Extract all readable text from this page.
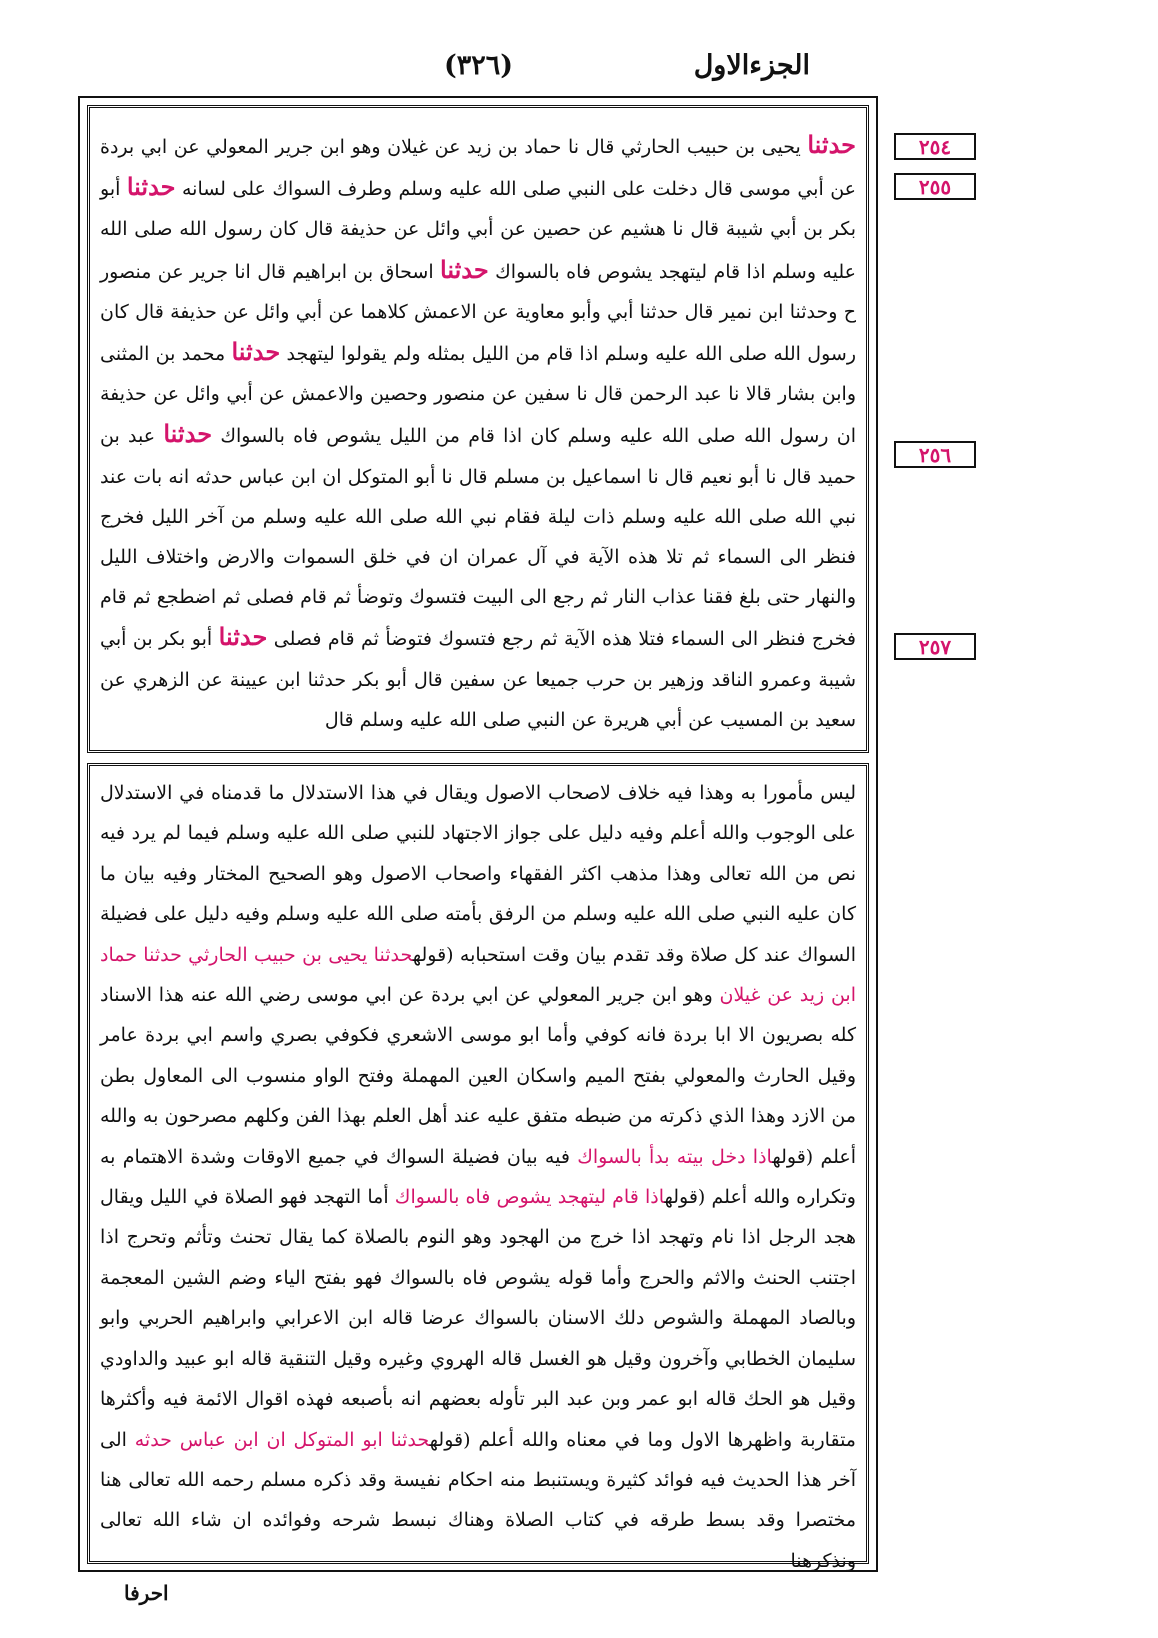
الجزءالاول
(٣٢٦)
حدثنا يحيى بن حبيب الحارثي قال نا حماد بن زيد عن غيلان وهو ابن جرير المعولي عن ابي بردة عن أبي موسى قال دخلت على النبي صلى الله عليه وسلم وطرف السواك على لسانه حدثنا أبو بكر بن أبي شيبة قال نا هشيم عن حصين عن أبي وائل عن حذيفة قال كان رسول الله صلى الله عليه وسلم اذا قام ليتهجد يشوص فاه بالسواك حدثنا اسحاق بن ابراهيم قال انا جرير عن منصور ح وحدثنا ابن نمير قال حدثنا أبي وأبو معاوية عن الاعمش كلاهما عن أبي وائل عن حذيفة قال كان رسول الله صلى الله عليه وسلم اذا قام من الليل بمثله ولم يقولوا ليتهجد حدثنا محمد بن المثنى وابن بشار قالا نا عبد الرحمن قال نا سفين عن منصور وحصين والاعمش عن أبي وائل عن حذيفة ان رسول الله صلى الله عليه وسلم كان اذا قام من الليل يشوص فاه بالسواك حدثنا عبد بن حميد قال نا أبو نعيم قال نا اسماعيل بن مسلم قال نا أبو المتوكل ان ابن عباس حدثه انه بات عند نبي الله صلى الله عليه وسلم ذات ليلة فقام نبي الله صلى الله عليه وسلم من آخر الليل فخرج فنظر الى السماء ثم تلا هذه الآية في آل عمران ان في خلق السموات والارض واختلاف الليل والنهار حتى بلغ فقنا عذاب النار ثم رجع الى البيت فتسوك وتوضأ ثم قام فصلى ثم اضطجع ثم قام فخرج فنظر الى السماء فتلا هذه الآية ثم رجع فتسوك فتوضأ ثم قام فصلى حدثنا أبو بكر بن أبي شيبة وعمرو الناقد وزهير بن حرب جميعا عن سفين قال أبو بكر حدثنا ابن عيينة عن الزهري عن سعيد بن المسيب عن أبي هريرة عن النبي صلى الله عليه وسلم قال
ليس مأمورا به وهذا فيه خلاف لاصحاب الاصول ويقال في هذا الاستدلال ما قدمناه في الاستدلال على الوجوب والله أعلم وفيه دليل على جواز الاجتهاد للنبي صلى الله عليه وسلم فيما لم يرد فيه نص من الله تعالى وهذا مذهب اكثر الفقهاء واصحاب الاصول وهو الصحيح المختار وفيه بيان ما كان عليه النبي صلى الله عليه وسلم من الرفق بأمته صلى الله عليه وسلم وفيه دليل على فضيلة السواك عند كل صلاة وقد تقدم بيان وقت استحبابه (قولهحدثنا يحيى بن حبيب الحارثي حدثنا حماد ابن زيد عن غيلان وهو ابن جرير المعولي عن ابي بردة عن ابي موسى رضي الله عنه هذا الاسناد كله بصريون الا ابا بردة فانه كوفي وأما ابو موسى الاشعري فكوفي بصري واسم ابي بردة عامر وقيل الحارث والمعولي بفتح الميم واسكان العين المهملة وفتح الواو منسوب الى المعاول بطن من الازد وهذا الذي ذكرته من ضبطه متفق عليه عند أهل العلم بهذا الفن وكلهم مصرحون به والله أعلم (قولهاذا دخل بيته بدأ بالسواك فيه بيان فضيلة السواك في جميع الاوقات وشدة الاهتمام به وتكراره والله أعلم (قولهاذا قام ليتهجد يشوص فاه بالسواك أما التهجد فهو الصلاة في الليل ويقال هجد الرجل اذا نام وتهجد اذا خرج من الهجود وهو النوم بالصلاة كما يقال تحنث وتأثم وتحرج اذا اجتنب الحنث والاثم والحرج وأما قوله يشوص فاه بالسواك فهو بفتح الياء وضم الشين المعجمة وبالصاد المهملة والشوص دلك الاسنان بالسواك عرضا قاله ابن الاعرابي وابراهيم الحربي وابو سليمان الخطابي وآخرون وقيل هو الغسل قاله الهروي وغيره وقيل التنقية قاله ابو عبيد والداودي وقيل هو الحك قاله ابو عمر وبن عبد البر تأوله بعضهم انه بأصبعه فهذه اقوال الائمة فيه وأكثرها متقاربة واظهرها الاول وما في معناه والله أعلم (قولهحدثنا ابو المتوكل ان ابن عباس حدثه الى آخر هذا الحديث فيه فوائد كثيرة ويستنبط منه احكام نفيسة وقد ذكره مسلم رحمه الله تعالى هنا مختصرا وقد بسط طرقه في كتاب الصلاة وهناك نبسط شرحه وفوائده ان شاء الله تعالى ونذكرهنا
٢٥٤
٢٥٥
٢٥٦
٢٥٧
احرفا
